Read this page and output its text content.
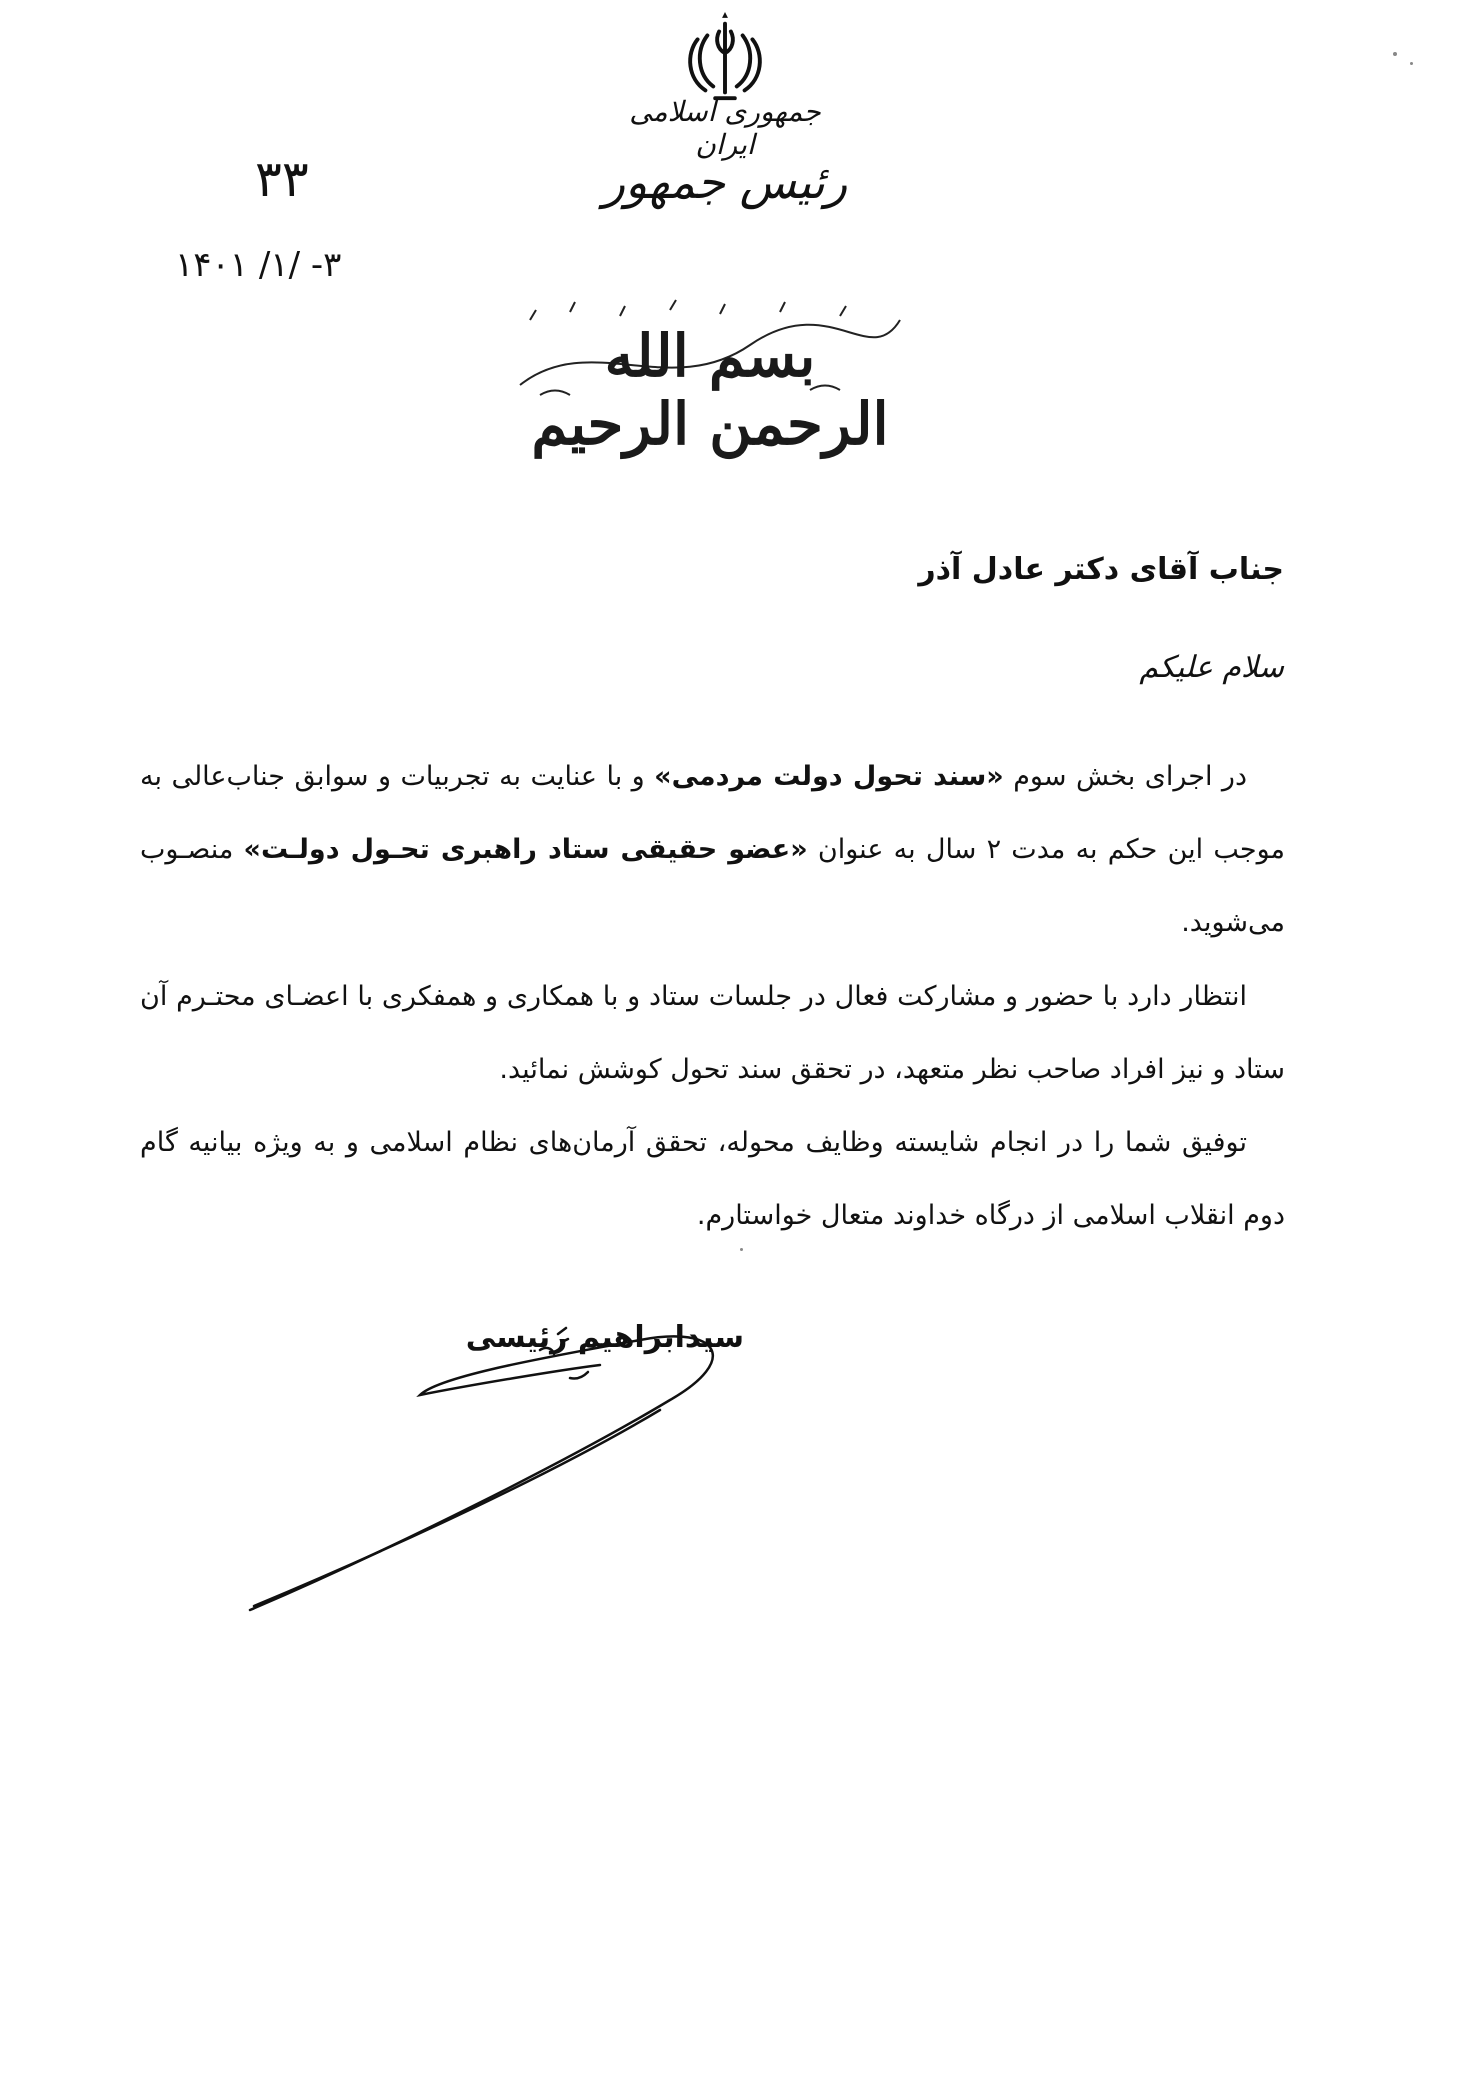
جمهوری اسلامی ایران
رئیس جمهور
۳۳
۱۴۰۱ /۱/ -۳
بسم الله الرحمن الرحیم
جناب آقای دکتر عادل آذر
سلام علیکم
در اجرای بخش سوم «سند تحول دولت مردمی» و با عنایت به تجربیات و سوابق جناب‌عالی به موجب این حکم به مدت ۲ سال به عنوان «عضو حقیقی ستاد راهبری تحـول دولـت» منصـوب می‌شوید.
انتظار دارد با حضور و مشارکت فعال در جلسات ستاد و با همکاری و همفکری با اعضـای محتـرم آن ستاد و نیز افراد صاحب نظر متعهد، در تحقق سند تحول کوشش نمائید.
توفیق شما را در انجام شایسته وظایف محوله، تحقق آرمان‌های نظام اسلامی و به ویژه بیانیه گام دوم انقلاب اسلامی از درگاه خداوند متعال خواستارم.
سیدابراهیم رئیسی
